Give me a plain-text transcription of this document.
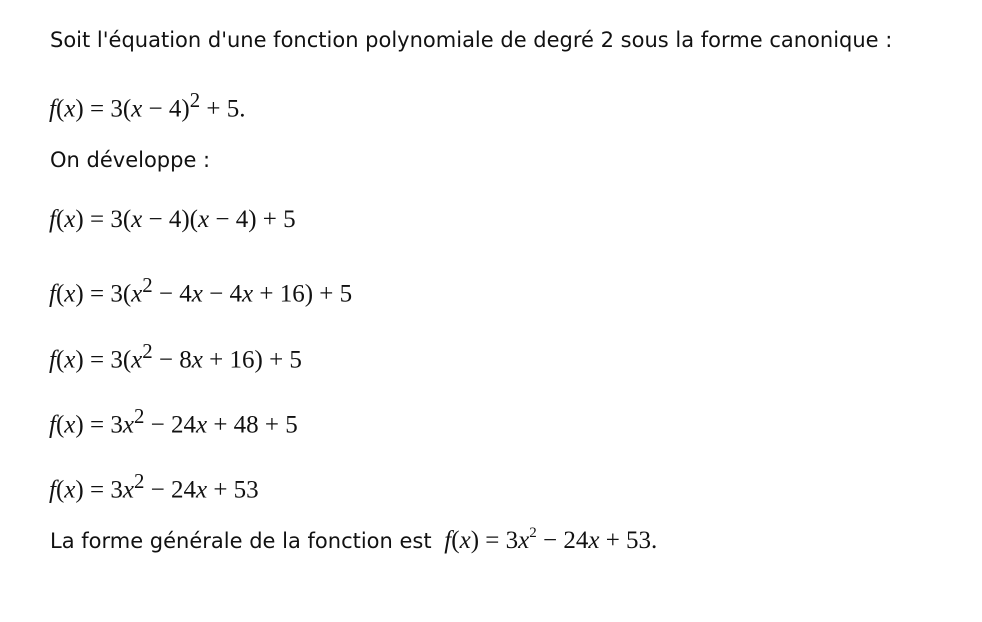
Soit l'équation d'une fonction polynomiale de degré 2 sous la forme canonique :

$f(x) = 3(x - 4)^2 + 5$.

On développe :

f(x) = 3(x − 4)(x − 4) + 5

$f(x) = 3(x^2 - 4x - 4x + 16) + 5$

$f(x) = 3(x^2 - 8x + 16) + 5$

$f(x) = 3x^2 - 24x + 48 + 5$

$f(x) = 3x^2 - 24x + 53$

La forme générale de la fonction est $f(x) = 3x^2 - 24x + 53$.
